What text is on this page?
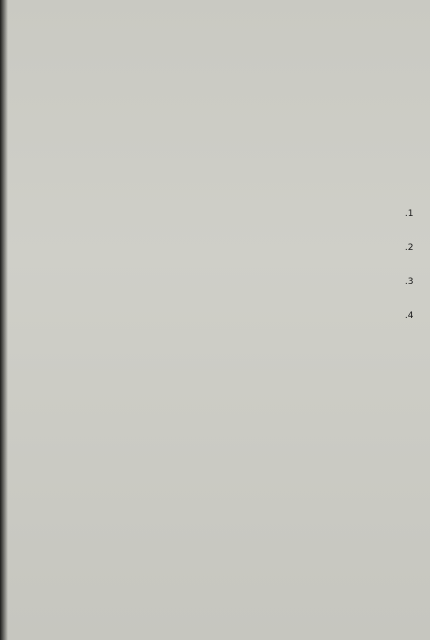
1.
2.
3.
4.
